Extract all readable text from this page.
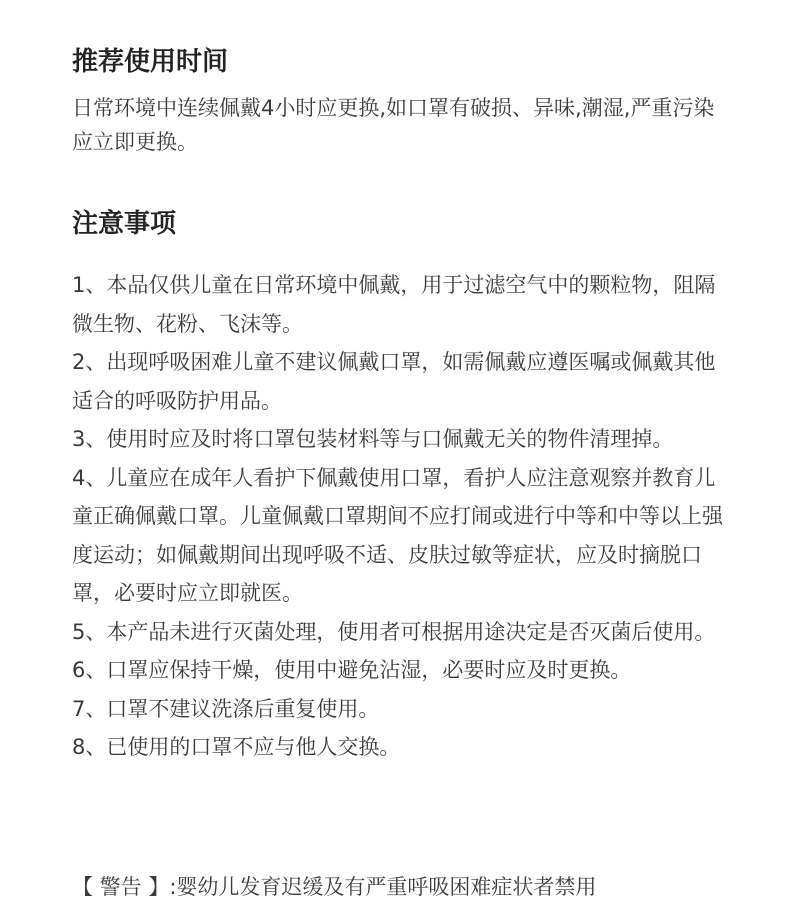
推荐使用时间

日常环境中连续佩戴4小时应更换,如口罩有破损、异味,潮湿,严重污染应立即更换。

注意事项
1、本品仅供儿童在日常环境中佩戴，用于过滤空气中的颗粒物，阻隔微生物、花粉、飞沫等。
2、出现呼吸困难儿童不建议佩戴口罩，如需佩戴应遵医嘱或佩戴其他适合的呼吸防护用品。
3、使用时应及时将口罩包装材料等与口佩戴无关的物件清理掉。
4、儿童应在成年人看护下佩戴使用口罩，看护人应注意观察并教育儿童正确佩戴口罩。儿童佩戴口罩期间不应打闹或进行中等和中等以上强度运动；如佩戴期间出现呼吸不适、皮肤过敏等症状，应及时摘脱口罩，必要时应立即就医。
5、本产品未进行灭菌处理，使用者可根据用途决定是否灭菌后使用。
6、口罩应保持干燥，使用中避免沾湿，必要时应及时更换。
7、口罩不建议洗涤后重复使用。
8、已使用的口罩不应与他人交换。
【 警告 】:婴幼儿发育迟缓及有严重呼吸困难症状者禁用
